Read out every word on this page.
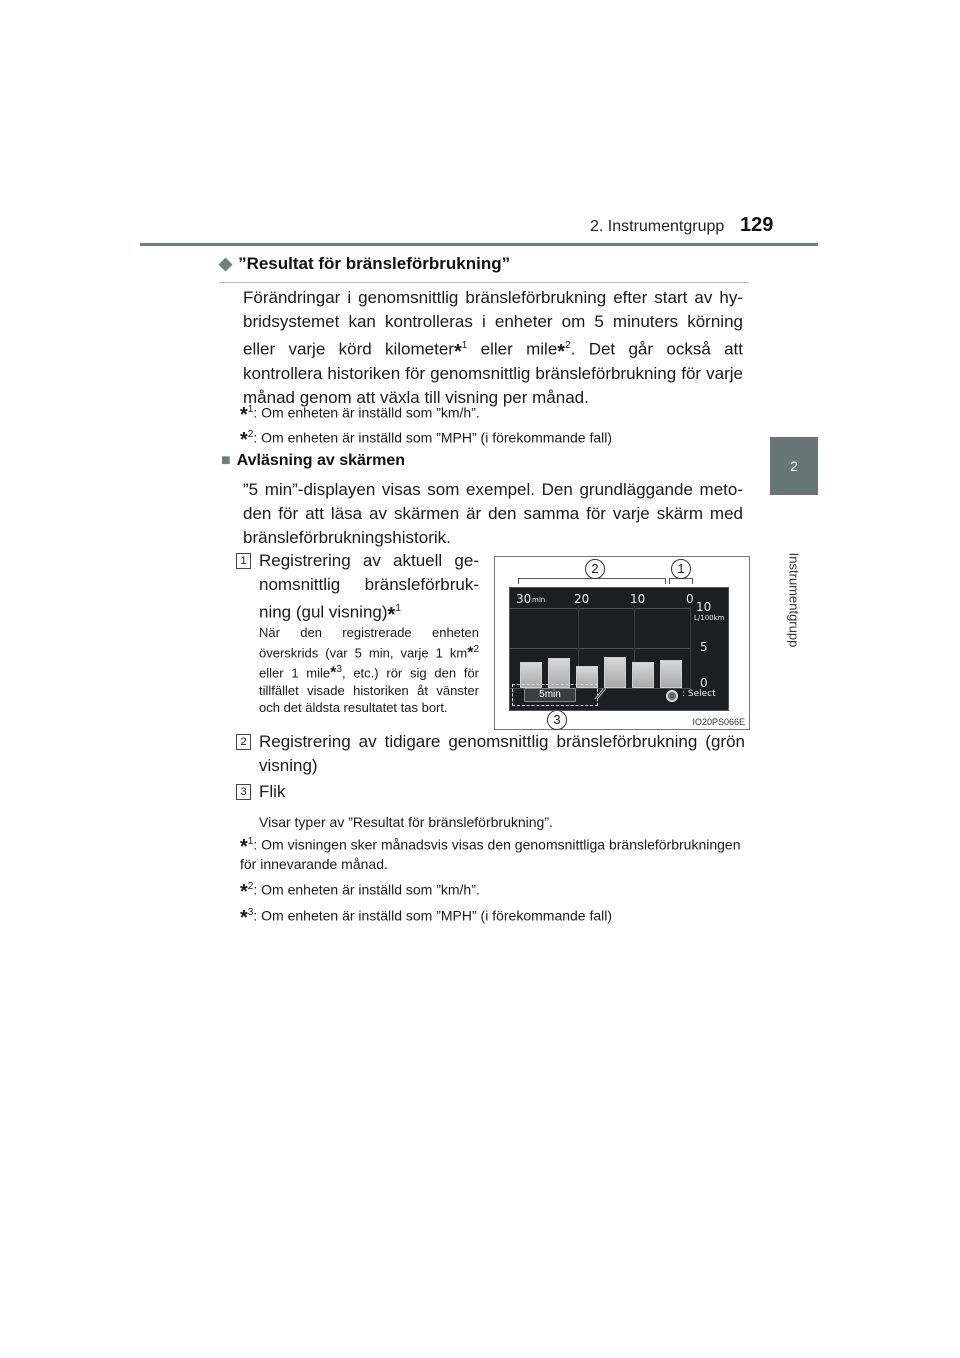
2. Instrumentgrupp 129
2
Instrumentgrupp
◆ ”Resultat för bränsleförbrukning”
Förändringar i genomsnittlig bränsleförbrukning efter start av hybridsystemet kan kontrolleras i enheter om 5 minuters körning eller varje körd kilometer*$^1$ eller mile*$^2$. Det går också att kontrollera historiken för genomsnittlig bränsleförbrukning för varje månad genom att växla till visning per månad.
*$^1$: Om enheten är inställd som ”km/h”.
*$^2$: Om enheten är inställd som ”MPH” (i förekommande fall)
■ Avläsning av skärmen
”5 min”-displayen visas som exempel. Den grundläggande metoden för att läsa av skärmen är den samma för varje skärm med bränsleförbrukningshistorik.
1 Registrering av aktuell genomsnittlig bränsleförbrukning (gul visning)*$^1$
När den registrerade enheten överskrids (var 5 min, varje 1 km*$^2$ eller 1 mile*$^3$, etc.) rör sig den för tillfället visade historiken åt vänster och det äldsta resultatet tas bort.
2	1
3
30 min 20	10	0
10
L/100km
5
0
5min	⁄⁄	: Select
IO20PS066E
2 Registrering av tidigare genomsnittlig bränsleförbrukning (grön visning)
3 Flik
Visar typer av ”Resultat för bränsleförbrukning”.
*$^1$: Om visningen sker månadsvis visas den genomsnittliga bränsleförbrukningen för innevarande månad.
*$^2$: Om enheten är inställd som ”km/h”.
*$^3$: Om enheten är inställd som ”MPH” (i förekommande fall)
